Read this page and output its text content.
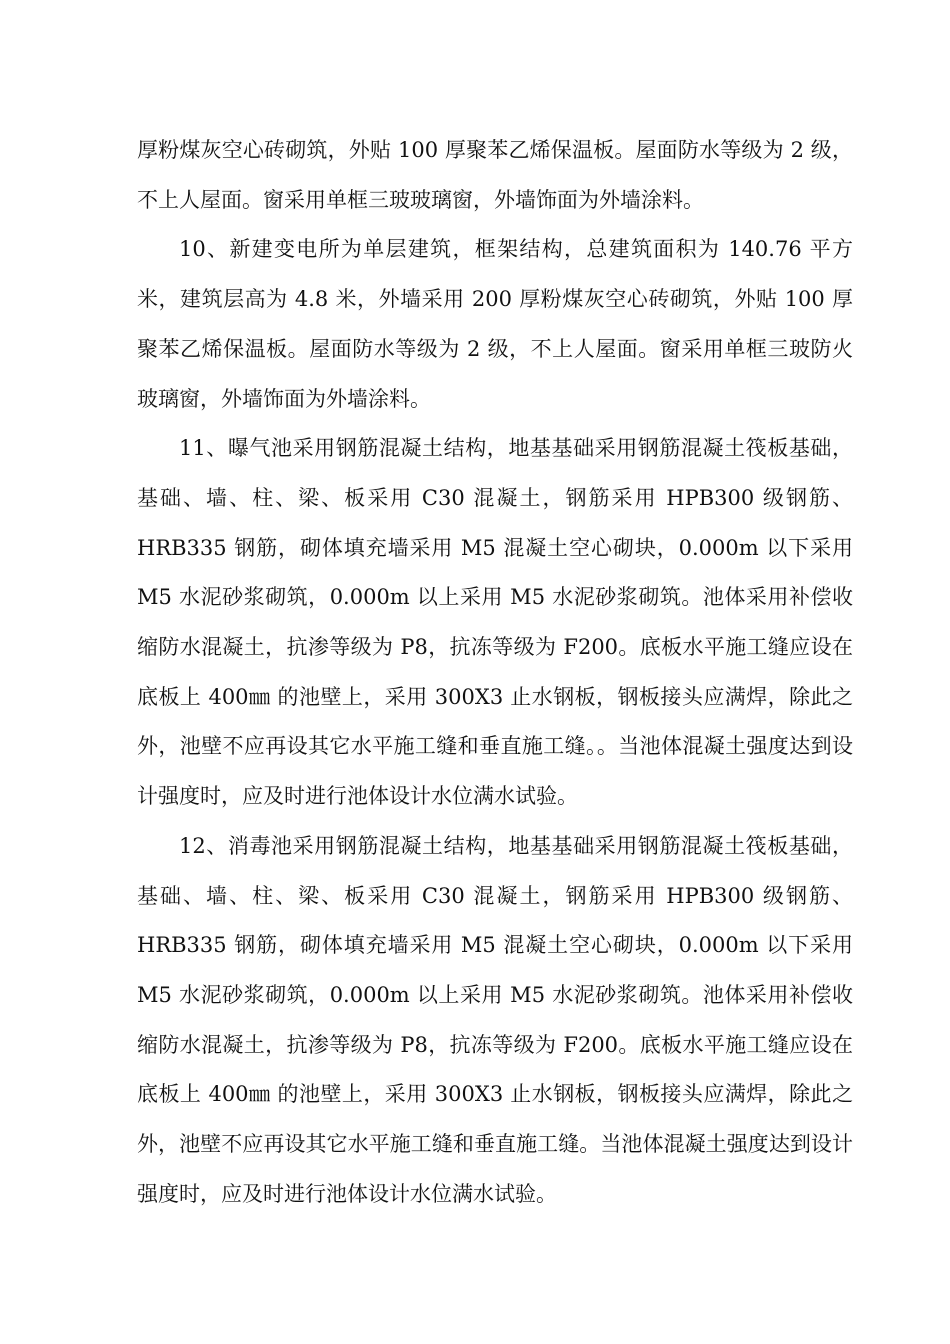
厚粉煤灰空心砖砌筑，外贴 100 厚聚苯乙烯保温板。屋面防水等级为 2 级，不上人屋面。窗采用单框三玻玻璃窗，外墙饰面为外墙涂料。

10、新建变电所为单层建筑，框架结构，总建筑面积为 140.76 平方米，建筑层高为 4.8 米，外墙采用 200 厚粉煤灰空心砖砌筑，外贴 100 厚聚苯乙烯保温板。屋面防水等级为 2 级，不上人屋面。窗采用单框三玻防火玻璃窗，外墙饰面为外墙涂料。

11、曝气池采用钢筋混凝土结构，地基基础采用钢筋混凝土筏板基础，基础、墙、柱、梁、板采用 C30 混凝土，钢筋采用 HPB300 级钢筋、HRB335 钢筋，砌体填充墙采用 M5 混凝土空心砌块，0.000m 以下采用 M5 水泥砂浆砌筑，0.000m 以上采用 M5 水泥砂浆砌筑。池体采用补偿收缩防水混凝土，抗渗等级为 P8，抗冻等级为 F200。底板水平施工缝应设在底板上 400㎜ 的池壁上，采用 300X3 止水钢板，钢板接头应满焊，除此之外，池壁不应再设其它水平施工缝和垂直施工缝。。当池体混凝土强度达到设计强度时，应及时进行池体设计水位满水试验。

12、消毒池采用钢筋混凝土结构，地基基础采用钢筋混凝土筏板基础，基础、墙、柱、梁、板采用 C30 混凝土，钢筋采用 HPB300 级钢筋、HRB335 钢筋，砌体填充墙采用 M5 混凝土空心砌块，0.000m 以下采用 M5 水泥砂浆砌筑，0.000m 以上采用 M5 水泥砂浆砌筑。池体采用补偿收缩防水混凝土，抗渗等级为 P8，抗冻等级为 F200。底板水平施工缝应设在底板上 400㎜ 的池壁上，采用 300X3 止水钢板，钢板接头应满焊，除此之外，池壁不应再设其它水平施工缝和垂直施工缝。当池体混凝土强度达到设计强度时，应及时进行池体设计水位满水试验。
